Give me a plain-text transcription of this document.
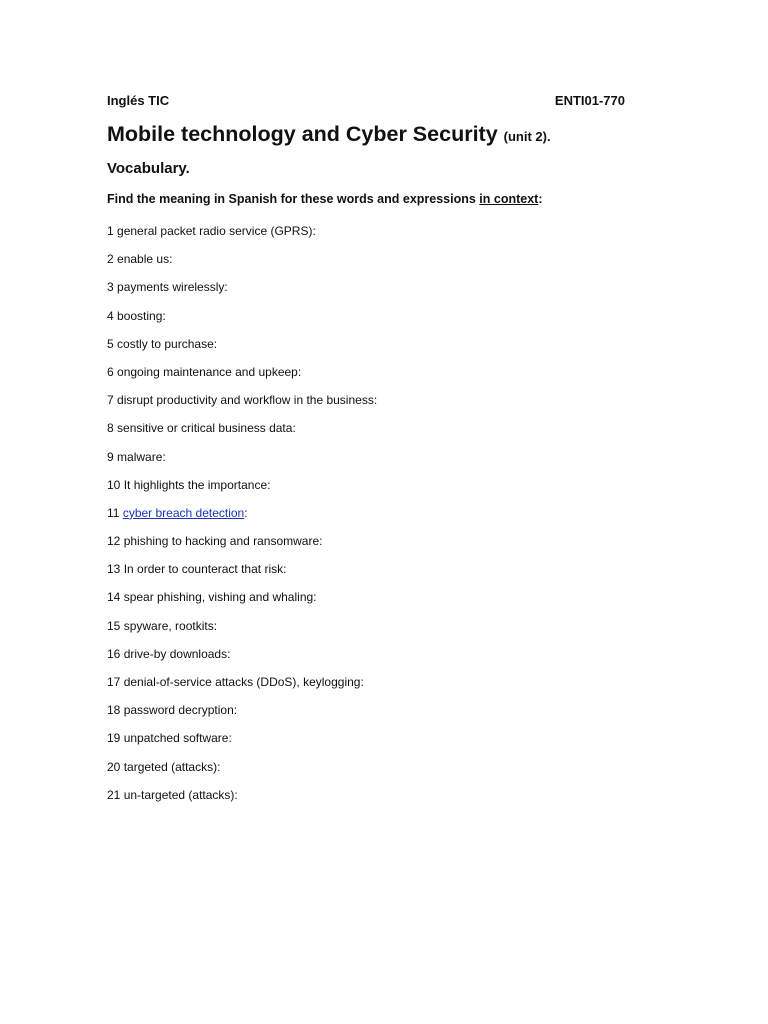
Inglés TIC	ENTI01-770
Mobile technology and Cyber Security (unit 2).
Vocabulary.
Find the meaning in Spanish for these words and expressions in context:
1 general packet radio service (GPRS):
2 enable us:
3 payments wirelessly:
4 boosting:
5 costly to purchase:
6 ongoing maintenance and upkeep:
7 disrupt productivity and workflow in the business:
8 sensitive or critical business data:
9 malware:
10 It highlights the importance:
11 cyber breach detection:
12 phishing to hacking and ransomware:
13 In order to counteract that risk:
14 spear phishing, vishing and whaling:
15 spyware, rootkits:
16 drive-by downloads:
17 denial-of-service attacks (DDoS), keylogging:
18 password decryption:
19 unpatched software:
20 targeted (attacks):
21 un-targeted (attacks):
